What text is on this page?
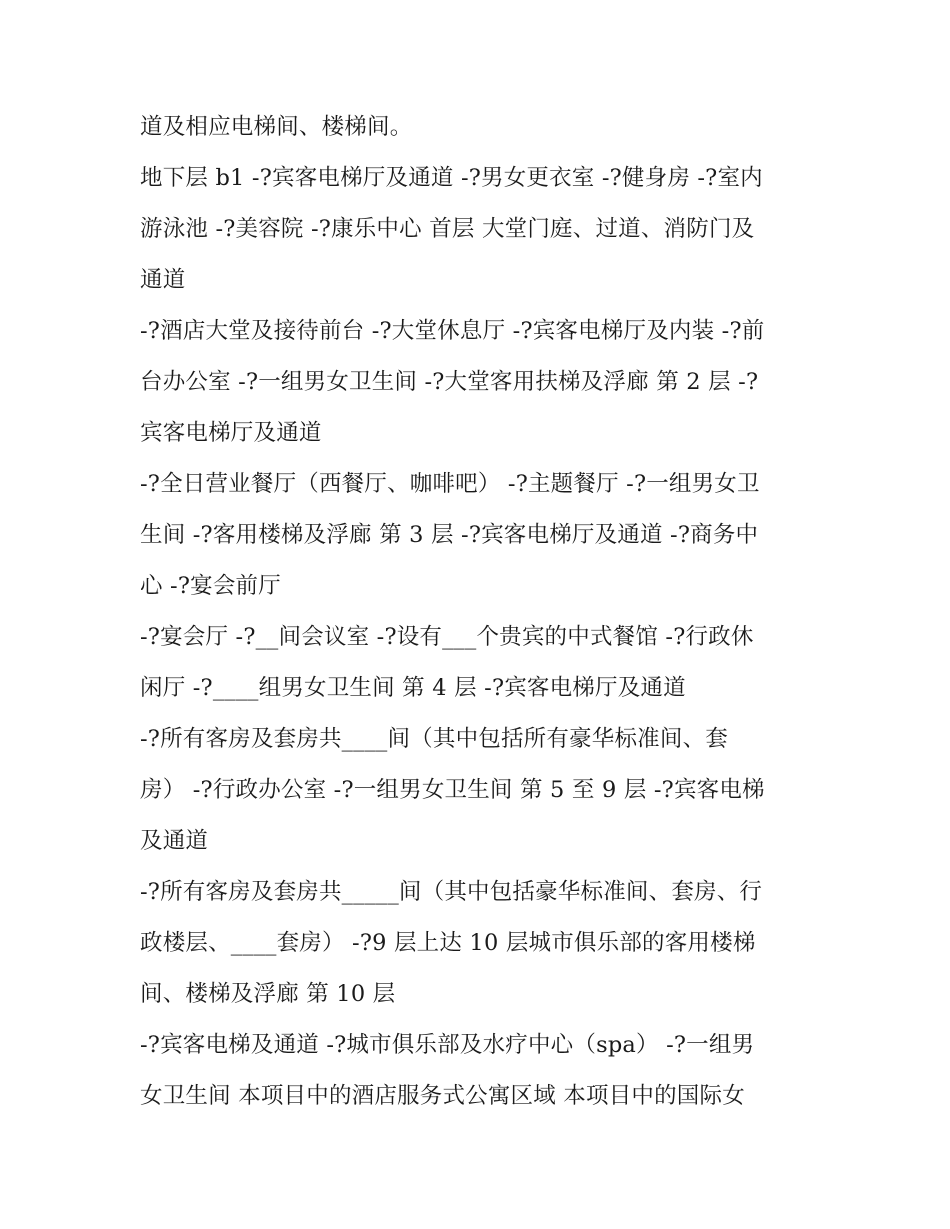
道及相应电梯间、楼梯间。
地下层 b1 -?宾客电梯厅及通道 -?男女更衣室 -?健身房 -?室内
游泳池 -?美容院 -?康乐中心 首层 大堂门庭、过道、消防门及
通道
-?酒店大堂及接待前台 -?大堂休息厅 -?宾客电梯厅及内装 -?前
台办公室 -?一组男女卫生间 -?大堂客用扶梯及浮廊 第 2 层 -?
宾客电梯厅及通道
-?全日营业餐厅（西餐厅、咖啡吧） -?主题餐厅 -?一组男女卫
生间 -?客用楼梯及浮廊 第 3 层 -?宾客电梯厅及通道 -?商务中
心 -?宴会前厅
-?宴会厅 -?__间会议室 -?设有___个贵宾的中式餐馆 -?行政休
闲厅 -?____组男女卫生间 第 4 层 -?宾客电梯厅及通道
-?所有客房及套房共____间（其中包括所有豪华标准间、套
房） -?行政办公室 -?一组男女卫生间 第 5 至 9 层 -?宾客电梯
及通道
-?所有客房及套房共_____间（其中包括豪华标准间、套房、行
政楼层、____套房） -?9 层上达 10 层城市俱乐部的客用楼梯
间、楼梯及浮廊 第 10 层
-?宾客电梯及通道 -?城市俱乐部及水疗中心（spa） -?一组男
女卫生间 本项目中的酒店服务式公寓区域 本项目中的国际女
